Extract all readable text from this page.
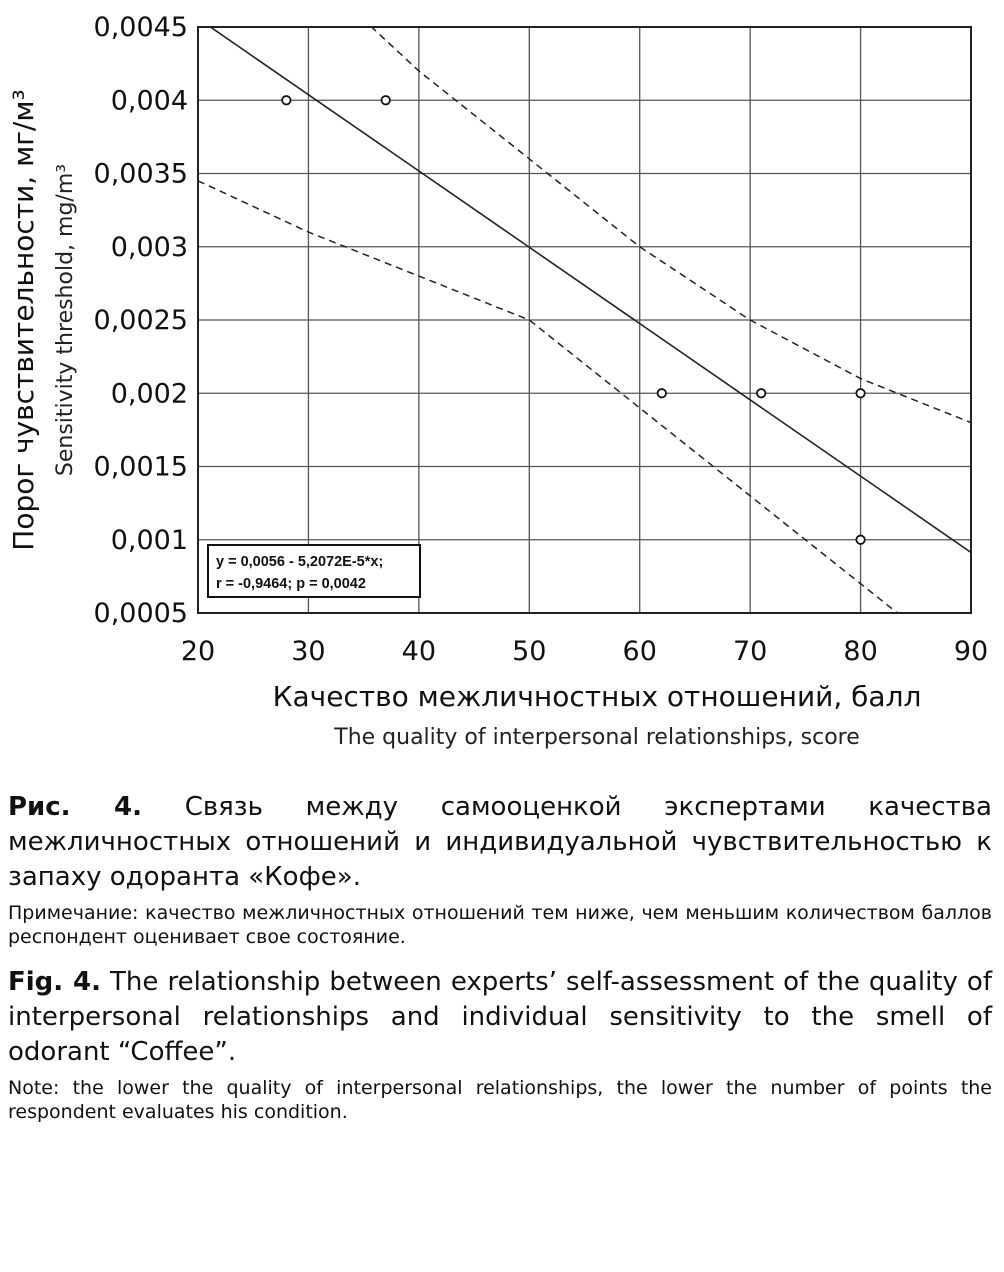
20	30	40	50	60	70	80	90
0,0005
0,001
0,0015
0,002
0,0025
0,003
0,0035
0,004
0,0045
y = 0,0056 - 5,2072E-5*x;
r = -0,9464; p = 0,0042
Качество межличностных отношений, балл
The quality of interpersonal relationships, score
Порог чувствительности, мг/м³ Sensitivity threshold, mg/m³

Рис. 4. Связь между самооценкой экспертами качества межличностных отношений и индивидуальной чувствительностью к запаху одоранта «Кофе».

Примечание: качество межличностных отношений тем ниже, чем меньшим количеством баллов респондент оценивает свое состояние.

Fig. 4. The relationship between experts’ self-assessment of the quality of interpersonal relationships and individual sensitivity to the smell of odorant “Coffee”.

Note: the lower the quality of interpersonal relationships, the lower the number of points the respondent evaluates his condition.
